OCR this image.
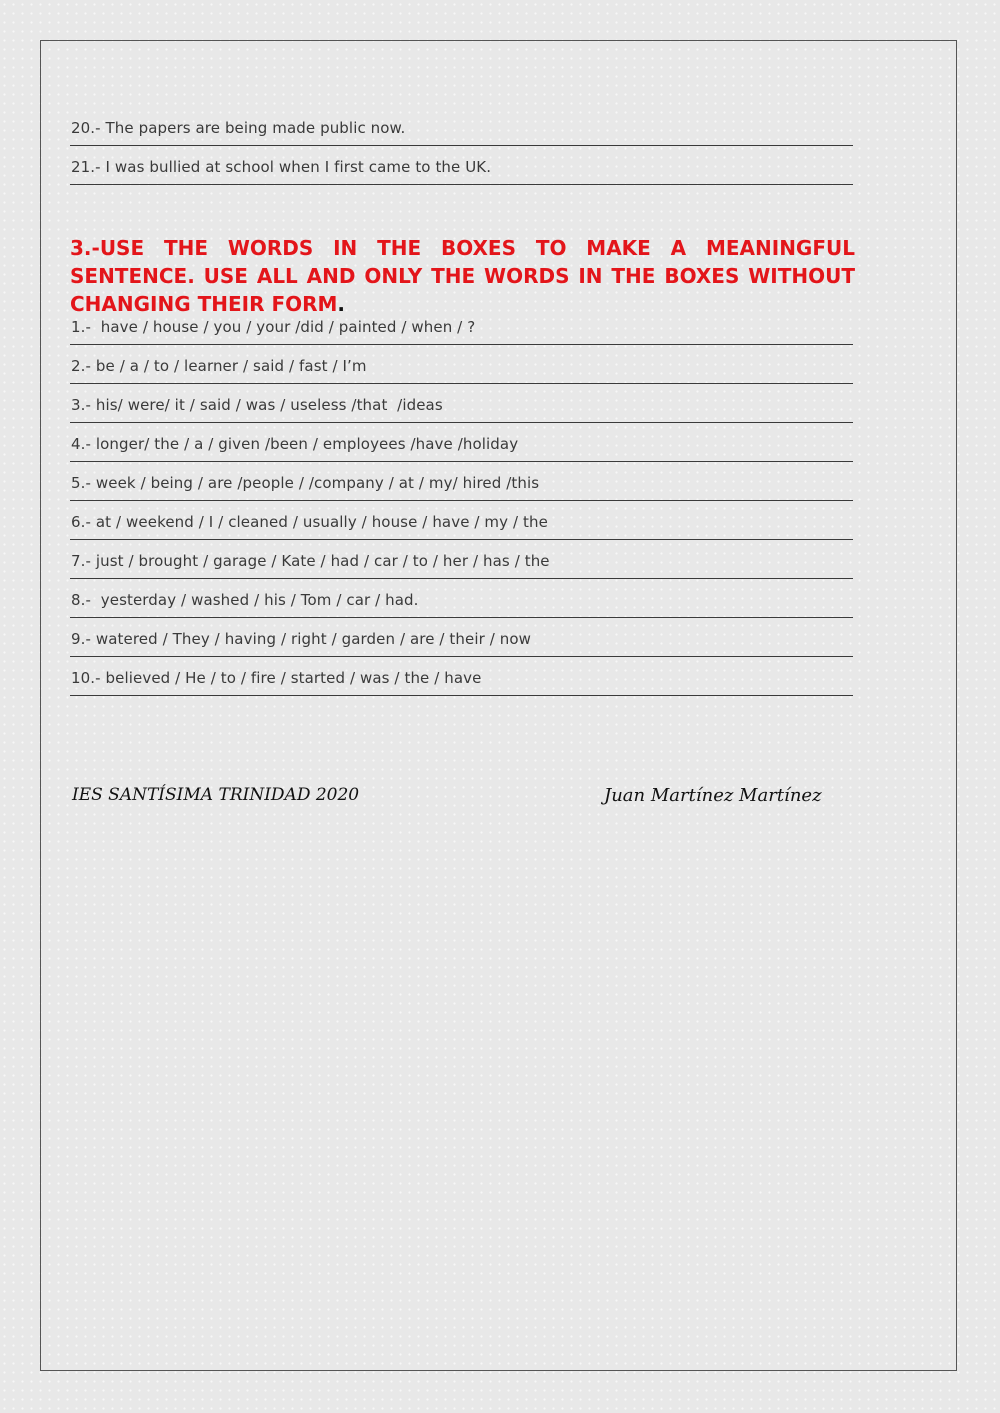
20.- The papers are being made public now.
21.- I was bullied at school when I first came to the UK.
3.-USE THE WORDS IN THE BOXES TO MAKE A MEANINGFUL SENTENCE. USE ALL AND ONLY THE WORDS IN THE BOXES WITHOUT CHANGING THEIR FORM.
1.-  have / house / you / your /did / painted / when / ?
2.- be / a / to / learner / said / fast / I’m
3.- his/ were/ it / said / was / useless /that  /ideas
4.- longer/ the / a / given /been / employees /have /holiday
5.- week / being / are /people / /company / at / my/ hired /this
6.- at / weekend / I / cleaned / usually / house / have / my / the
7.- just / brought / garage / Kate / had / car / to / her / has / the
8.-  yesterday / washed / his / Tom / car / had.
9.- watered / They / having / right / garden / are / their / now
10.- believed / He / to / fire / started / was / the / have
IES SANTÍSIMA TRINIDAD 2020	Juan Martínez Martínez
